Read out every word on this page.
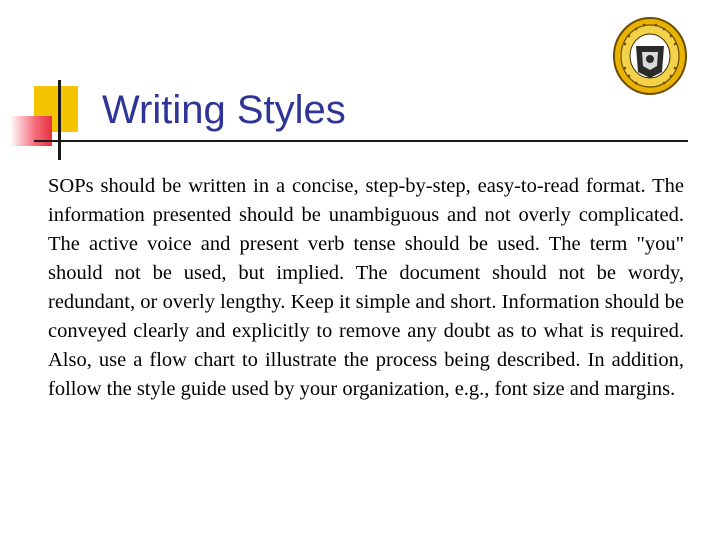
Writing Styles

SOPs should be written in a concise, step-by-step, easy-to-read format. The information presented should be unambiguous and not overly complicated. The active voice and present verb tense should be used. The term "you" should not be used, but implied. The document should not be wordy, redundant, or overly lengthy. Keep it simple and short. Information should be conveyed clearly and explicitly to remove any doubt as to what is required. Also, use a flow chart to illustrate the process being described. In addition, follow the style guide used by your organization, e.g., font size and margins.
